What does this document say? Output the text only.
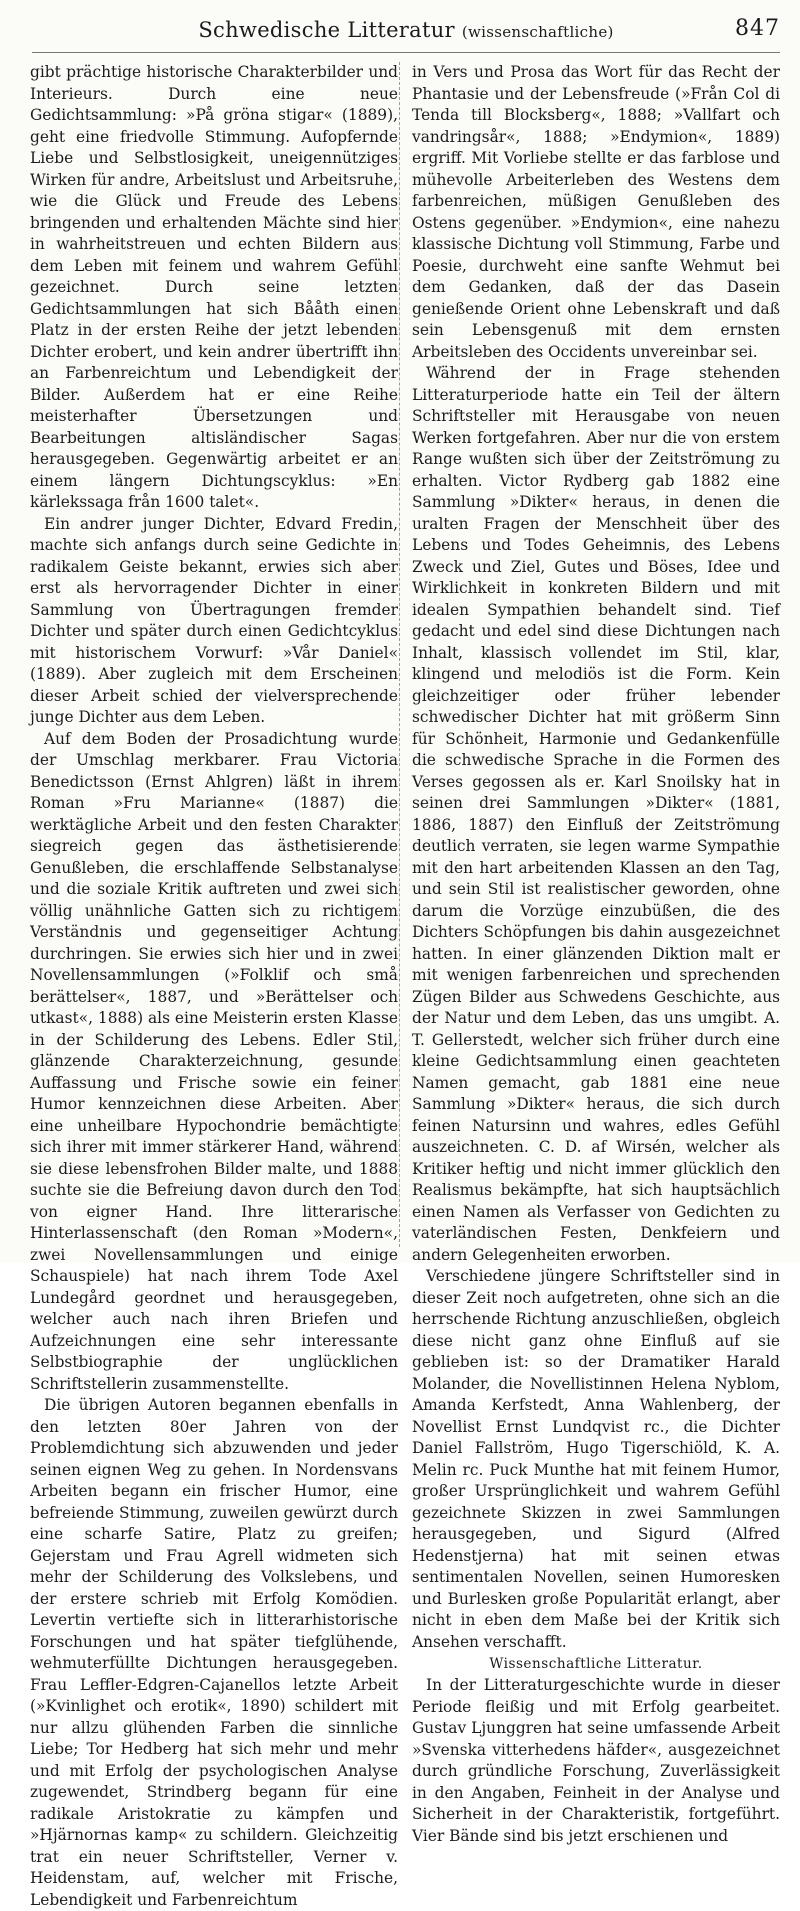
Schwedische Litteratur (wissenschaftliche)	847

gibt prächtige historische Charakterbilder und Interieurs. Durch eine neue Gedichtsammlung: »På gröna stigar« (1889), geht eine friedvolle Stimmung. Aufopfernde Liebe und Selbstlosigkeit, uneigennütziges Wirken für andre, Arbeitslust und Arbeitsruhe, wie die Glück und Freude des Lebens bringenden und erhaltenden Mächte sind hier in wahrheitstreuen und echten Bildern aus dem Leben mit feinem und wahrem Gefühl gezeichnet. Durch seine letzten Gedichtsammlungen hat sich Bååth einen Platz in der ersten Reihe der jetzt lebenden Dichter erobert, und kein andrer übertrifft ihn an Farbenreichtum und Lebendigkeit der Bilder. Außerdem hat er eine Reihe meisterhafter Übersetzungen und Bearbeitungen altisländischer Sagas herausgegeben. Gegenwärtig arbeitet er an einem längern Dichtungscyklus: »En kärlekssaga från 1600 talet«.

Ein andrer junger Dichter, Edvard Fredin, machte sich anfangs durch seine Gedichte in radikalem Geiste bekannt, erwies sich aber erst als hervorragender Dichter in einer Sammlung von Übertragungen fremder Dichter und später durch einen Gedichtcyklus mit historischem Vorwurf: »Vår Daniel« (1889). Aber zugleich mit dem Erscheinen dieser Arbeit schied der vielversprechende junge Dichter aus dem Leben.

Auf dem Boden der Prosadichtung wurde der Umschlag merkbarer. Frau Victoria Benedictsson (Ernst Ahlgren) läßt in ihrem Roman »Fru Marianne« (1887) die werktägliche Arbeit und den festen Charakter siegreich gegen das ästhetisierende Genußleben, die erschlaffende Selbstanalyse und die soziale Kritik auftreten und zwei sich völlig unähnliche Gatten sich zu richtigem Verständnis und gegenseitiger Achtung durchringen. Sie erwies sich hier und in zwei Novellensammlungen (»Folklif och små berättelser«, 1887, und »Berättelser och utkast«, 1888) als eine Meisterin ersten Klasse in der Schilderung des Lebens. Edler Stil, glänzende Charakterzeichnung, gesunde Auffassung und Frische sowie ein feiner Humor kennzeichnen diese Arbeiten. Aber eine unheilbare Hypochondrie bemächtigte sich ihrer mit immer stärkerer Hand, während sie diese lebensfrohen Bilder malte, und 1888 suchte sie die Befreiung davon durch den Tod von eigner Hand. Ihre litterarische Hinterlassenschaft (den Roman »Modern«, zwei Novellensammlungen und einige Schauspiele) hat nach ihrem Tode Axel Lundegård geordnet und herausgegeben, welcher auch nach ihren Briefen und Aufzeichnungen eine sehr interessante Selbstbiographie der unglücklichen Schriftstellerin zusammenstellte.

Die übrigen Autoren begannen ebenfalls in den letzten 80er Jahren von der Problemdichtung sich abzuwenden und jeder seinen eignen Weg zu gehen. In Nordensvans Arbeiten begann ein frischer Humor, eine befreiende Stimmung, zuweilen gewürzt durch eine scharfe Satire, Platz zu greifen; Gejerstam und Frau Agrell widmeten sich mehr der Schilderung des Volkslebens, und der erstere schrieb mit Erfolg Komödien. Levertin vertiefte sich in litterarhistorische Forschungen und hat später tiefglühende, wehmuterfüllte Dichtungen herausgegeben. Frau Leffler-Edgren-Cajanellos letzte Arbeit (»Kvinlighet och erotik«, 1890) schildert mit nur allzu glühenden Farben die sinnliche Liebe; Tor Hedberg hat sich mehr und mehr und mit Erfolg der psychologischen Analyse zugewendet, Strindberg begann für eine radikale Aristokratie zu kämpfen und »Hjärnornas kamp« zu schildern. Gleichzeitig trat ein neuer Schriftsteller, Verner v. Heidenstam, auf, welcher mit Frische, Lebendigkeit und Farbenreichtum

in Vers und Prosa das Wort für das Recht der Phantasie und der Lebensfreude (»Från Col di Tenda till Blocksberg«, 1888; »Vallfart och vandringsår«, 1888; »Endymion«, 1889) ergriff. Mit Vorliebe stellte er das farblose und mühevolle Arbeiterleben des Westens dem farbenreichen, müßigen Genußleben des Ostens gegenüber. »Endymion«, eine nahezu klassische Dichtung voll Stimmung, Farbe und Poesie, durchweht eine sanfte Wehmut bei dem Gedanken, daß der das Dasein genießende Orient ohne Lebenskraft und daß sein Lebensgenuß mit dem ernsten Arbeitsleben des Occidents unvereinbar sei.

Während der in Frage stehenden Litteraturperiode hatte ein Teil der ältern Schriftsteller mit Herausgabe von neuen Werken fortgefahren. Aber nur die von erstem Range wußten sich über der Zeitströmung zu erhalten. Victor Rydberg gab 1882 eine Sammlung »Dikter« heraus, in denen die uralten Fragen der Menschheit über des Lebens und Todes Geheimnis, des Lebens Zweck und Ziel, Gutes und Böses, Idee und Wirklichkeit in konkreten Bildern und mit idealen Sympathien behandelt sind. Tief gedacht und edel sind diese Dichtungen nach Inhalt, klassisch vollendet im Stil, klar, klingend und melodiös ist die Form. Kein gleichzeitiger oder früher lebender schwedischer Dichter hat mit größerm Sinn für Schönheit, Harmonie und Gedankenfülle die schwedische Sprache in die Formen des Verses gegossen als er. Karl Snoilsky hat in seinen drei Sammlungen »Dikter« (1881, 1886, 1887) den Einfluß der Zeitströmung deutlich verraten, sie legen warme Sympathie mit den hart arbeitenden Klassen an den Tag, und sein Stil ist realistischer geworden, ohne darum die Vorzüge einzubüßen, die des Dichters Schöpfungen bis dahin ausgezeichnet hatten. In einer glänzenden Diktion malt er mit wenigen farbenreichen und sprechenden Zügen Bilder aus Schwedens Geschichte, aus der Natur und dem Leben, das uns umgibt. A. T. Gellerstedt, welcher sich früher durch eine kleine Gedichtsammlung einen geachteten Namen gemacht, gab 1881 eine neue Sammlung »Dikter« heraus, die sich durch feinen Natursinn und wahres, edles Gefühl auszeichneten. C. D. af Wirsén, welcher als Kritiker heftig und nicht immer glücklich den Realismus bekämpfte, hat sich hauptsächlich einen Namen als Verfasser von Gedichten zu vaterländischen Festen, Denkfeiern und andern Gelegenheiten erworben.

Verschiedene jüngere Schriftsteller sind in dieser Zeit noch aufgetreten, ohne sich an die herrschende Richtung anzuschließen, obgleich diese nicht ganz ohne Einfluß auf sie geblieben ist: so der Dramatiker Harald Molander, die Novellistinnen Helena Nyblom, Amanda Kerfstedt, Anna Wahlenberg, der Novellist Ernst Lundqvist rc., die Dichter Daniel Fallström, Hugo Tigerschiöld, K. A. Melin rc. Puck Munthe hat mit feinem Humor, großer Ursprünglichkeit und wahrem Gefühl gezeichnete Skizzen in zwei Sammlungen herausgegeben, und Sigurd (Alfred Hedenstjerna) hat mit seinen etwas sentimentalen Novellen, seinen Humoresken und Burlesken große Popularität erlangt, aber nicht in eben dem Maße bei der Kritik sich Ansehen verschafft.

Wissenschaftliche Litteratur.

In der Litteraturgeschichte wurde in dieser Periode fleißig und mit Erfolg gearbeitet. Gustav Ljunggren hat seine umfassende Arbeit »Svenska vitterhedens häfder«, ausgezeichnet durch gründliche Forschung, Zuverlässigkeit in den Angaben, Feinheit in der Analyse und Sicherheit in der Charakteristik, fortgeführt. Vier Bände sind bis jetzt erschienen und
